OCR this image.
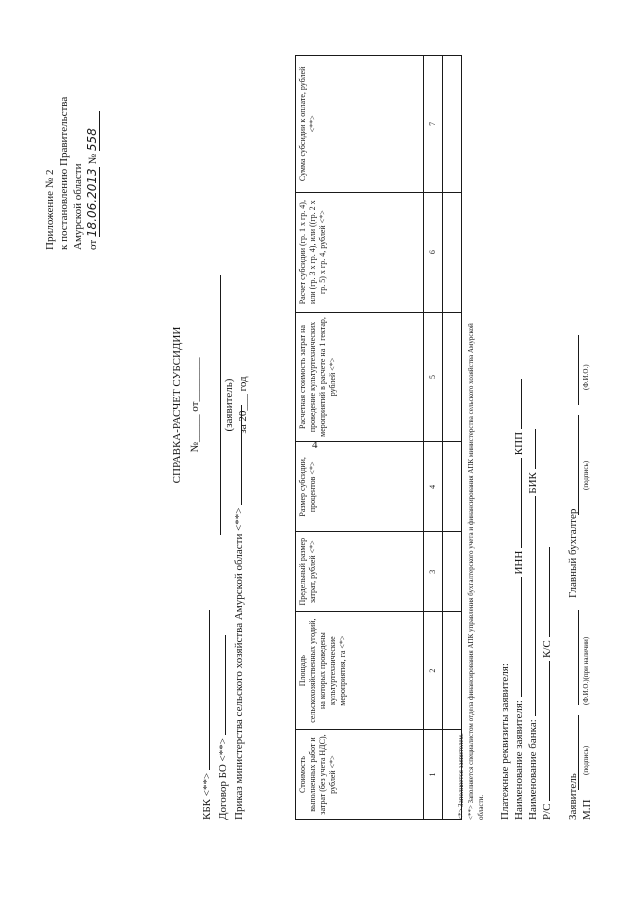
4
Приложение № 2 к постановлению Правительства Амурской области от 18.06.2013 № 558
СПРАВКА-РАСЧЕТ СУБСИДИИ №_____ от________ (заявитель) за 20___ год
КБК <**> Договор БО <**> Приказ министерства сельского хозяйства Амурской области <**>	Стоимость выполненных работ и затрат (без учета НДС), рублей <*>	Площадь сельскохозяйственных угодий, на которых проведены культуртехнические мероприятия, га <*>	Предельный размер затрат, рублей <*>	Размер субсидии, процентов <*>	Расчетная стоимость затрат на проведение культуртехнических мероприятий в расчете на 1 гектар, рублей <*>	Расчет субсидии (гр. 1 x гр. 4), или (гр. 3 x гр. 4), или ((гр. 2 x гр. 5) x гр. 4, рублей <*>	Сумма субсидии к оплате, рублей <**>
1	2	3	4	5	6	7

<*> Заполняется заявителем. <**> Заполняется специалистом отдела финансирования АПК управления бухгалтерского учета и финансирования АПК министерства сельского хозяйства Амурской области. Платежные реквизиты заявителя: Наименование заявителя:  ИНН  КПП
Наименование банка:  БИК
Р/С  К/С
Заявитель М.П
(подпись)
(Ф.И.О.)(при наличии)
Главный бухгалтер
(подпись)
(Ф.И.О.)
